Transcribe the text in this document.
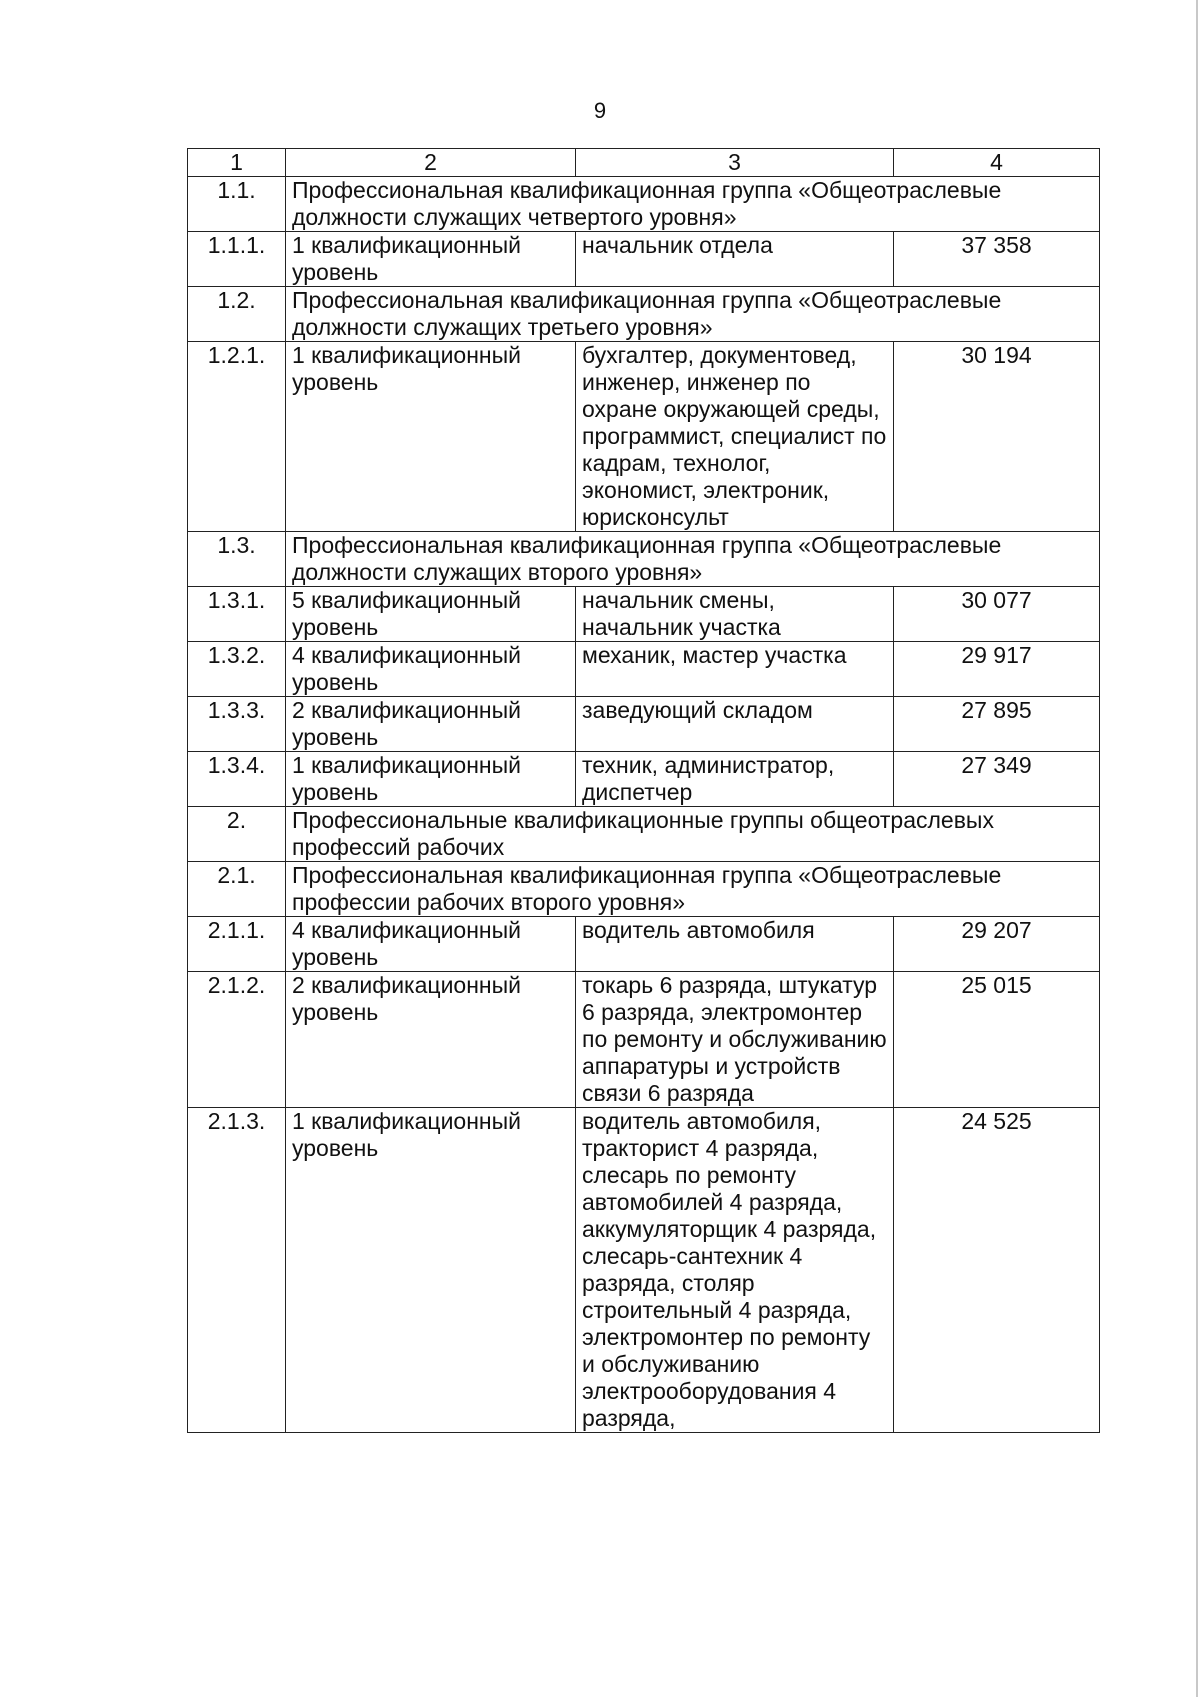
9
1	2	3	4
1.1.	Профессиональная квалификационная группа «Общеотраслевые должности служащих четвертого уровня»		
1.1.1.	1 квалификационный уровень	начальник отдела	37 358
1.2.	Профессиональная квалификационная группа «Общеотраслевые должности служащих третьего уровня»		
1.2.1.	1 квалификационный уровень	бухгалтер, документовед, инженер, инженер по охране окружающей среды, программист, специалист по кадрам, технолог, экономист, электроник, юрисконсульт	30 194
1.3.	Профессиональная квалификационная группа «Общеотраслевые должности служащих второго уровня»		
1.3.1.	5 квалификационный уровень	начальник смены, начальник участка	30 077
1.3.2.	4 квалификационный уровень	механик, мастер участка	29 917
1.3.3.	2 квалификационный уровень	заведующий складом	27 895
1.3.4.	1 квалификационный уровень	техник, администратор, диспетчер	27 349
2.	Профессиональные квалификационные группы общеотраслевых профессий рабочих		
2.1.	Профессиональная квалификационная группа «Общеотраслевые профессии рабочих второго уровня»		
2.1.1.	4 квалификационный уровень	водитель автомобиля	29 207
2.1.2.	2 квалификационный уровень	токарь 6 разряда, штукатур 6 разряда, электромонтер по ремонту и обслуживанию аппаратуры и устройств связи 6 разряда	25 015
2.1.3.	1 квалификационный уровень	водитель автомобиля, тракторист 4 разряда, слесарь по ремонту автомобилей 4 разряда, аккумуляторщик 4 разряда, слесарь-сантехник 4 разряда, столяр строительный 4 разряда, электромонтер по ремонту и обслуживанию электрооборудования 4 разряда,	24 525
